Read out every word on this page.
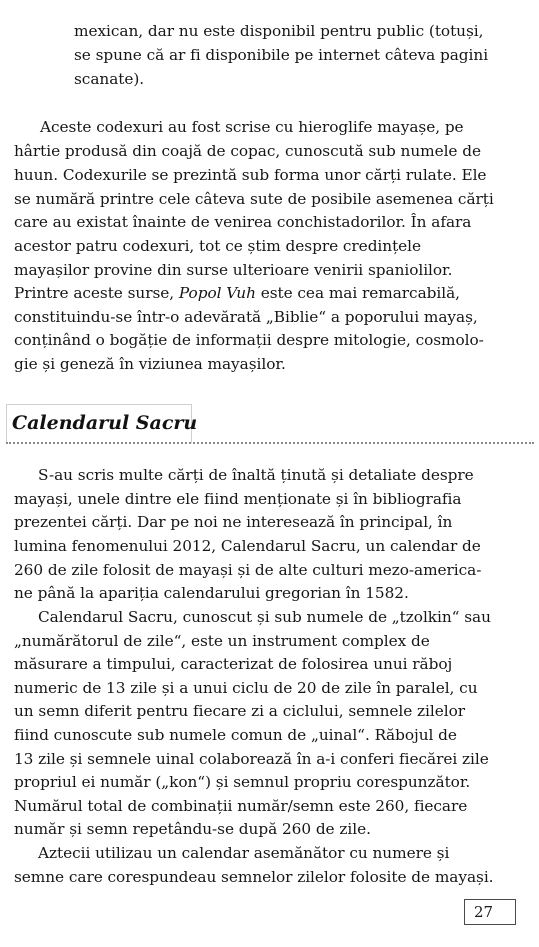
mexican, dar nu este disponibil pentru public (totuși,
se spune că ar fi disponibile pe internet câteva pagini
scanate).
Aceste codexuri au fost scrise cu hieroglife mayașe, pe
hârtie produsă din coajă de copac, cunoscută sub numele de
huun. Codexurile se prezintă sub forma unor cărți rulate. Ele
se numără printre cele câteva sute de posibile asemenea cărți
care au existat înainte de venirea conchistadorilor. În afara
acestor patru codexuri, tot ce știm despre credințele
mayașilor provine din surse ulterioare venirii spaniolilor.
Printre aceste surse, Popol Vuh este cea mai remarcabilă,
constituindu-se într-o adevărată „Biblie“ a poporului mayaș,
conținând o bogăție de informații despre mitologie, cosmolo-
gie și geneză în viziunea mayașilor.
Calendarul Sacru
S-au scris multe cărți de înaltă ținută și detaliate despre
mayași, unele dintre ele fiind menționate și în bibliografia
prezentei cărți. Dar pe noi ne interesează în principal, în
lumina fenomenului 2012, Calendarul Sacru, un calendar de
260 de zile folosit de mayași și de alte culturi mezo-america-
ne până la apariția calendarului gregorian în 1582.
Calendarul Sacru, cunoscut și sub numele de „tzolkin“ sau
„numărătorul de zile“, este un instrument complex de
măsurare a timpului, caracterizat de folosirea unui răboj
numeric de 13 zile și a unui ciclu de 20 de zile în paralel, cu
un semn diferit pentru fiecare zi a ciclului, semnele zilelor
fiind cunoscute sub numele comun de „uinal“. Răbojul de
13 zile și semnele uinal colaborează în a-i conferi fiecărei zile
propriul ei număr („kon“) și semnul propriu corespunzător.
Numărul total de combinații număr/semn este 260, fiecare
număr și semn repetându-se după 260 de zile.
Aztecii utilizau un calendar asemănător cu numere și
semne care corespundeau semnelor zilelor folosite de mayași.
27
